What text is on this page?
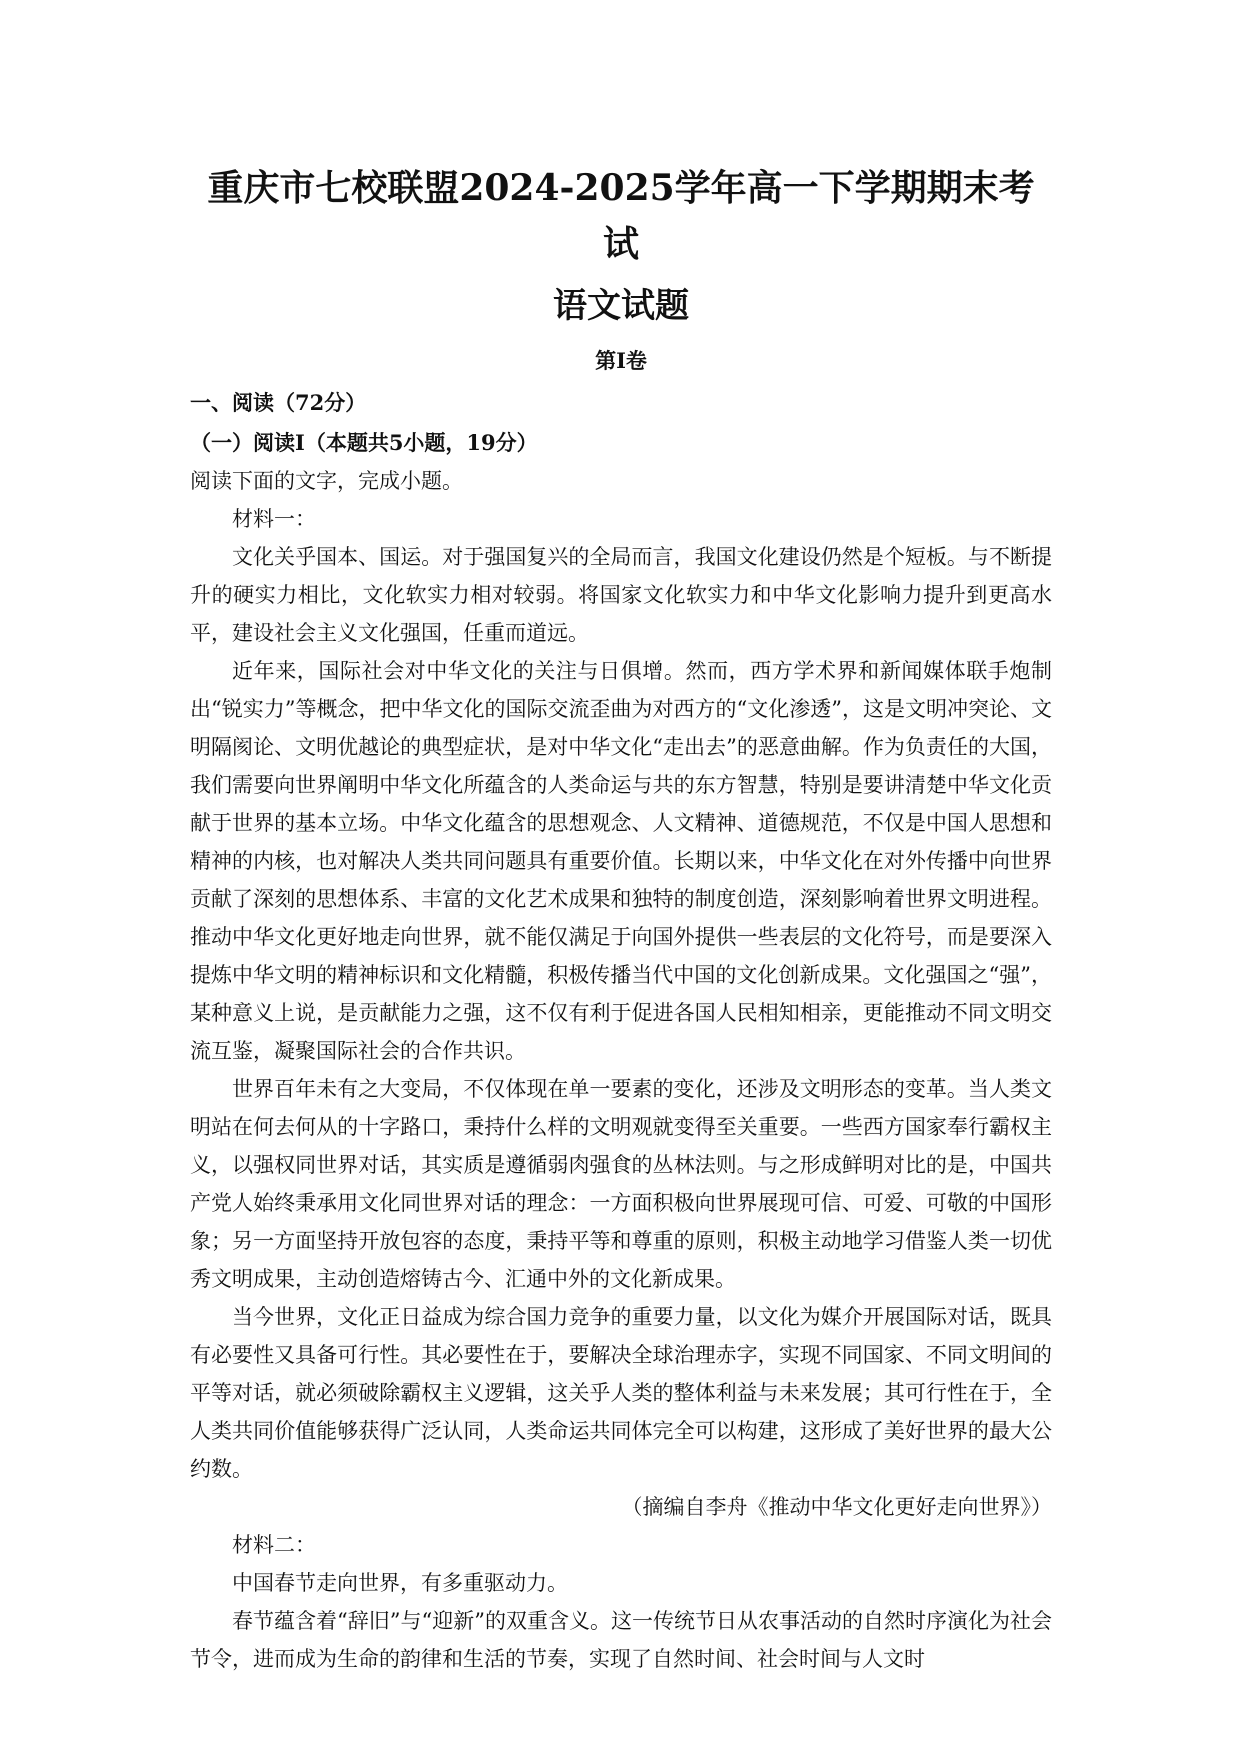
重庆市七校联盟2024-2025学年高一下学期期末考试
语文试题
第I卷
一、阅读（72分）
（一）阅读I（本题共5小题，19分）

阅读下面的文字，完成小题。

材料一：

文化关乎国本、国运。对于强国复兴的全局而言，我国文化建设仍然是个短板。与不断提升的硬实力相比，文化软实力相对较弱。将国家文化软实力和中华文化影响力提升到更高水平，建设社会主义文化强国，任重而道远。

近年来，国际社会对中华文化的关注与日俱增。然而，西方学术界和新闻媒体联手炮制出“锐实力”等概念，把中华文化的国际交流歪曲为对西方的“文化渗透”，这是文明冲突论、文明隔阂论、文明优越论的典型症状，是对中华文化“走出去”的恶意曲解。作为负责任的大国，我们需要向世界阐明中华文化所蕴含的人类命运与共的东方智慧，特别是要讲清楚中华文化贡献于世界的基本立场。中华文化蕴含的思想观念、人文精神、道德规范，不仅是中国人思想和精神的内核，也对解决人类共同问题具有重要价值。长期以来，中华文化在对外传播中向世界贡献了深刻的思想体系、丰富的文化艺术成果和独特的制度创造，深刻影响着世界文明进程。推动中华文化更好地走向世界，就不能仅满足于向国外提供一些表层的文化符号，而是要深入提炼中华文明的精神标识和文化精髓，积极传播当代中国的文化创新成果。文化强国之“强”，某种意义上说，是贡献能力之强，这不仅有利于促进各国人民相知相亲，更能推动不同文明交流互鉴，凝聚国际社会的合作共识。

世界百年未有之大变局，不仅体现在单一要素的变化，还涉及文明形态的变革。当人类文明站在何去何从的十字路口，秉持什么样的文明观就变得至关重要。一些西方国家奉行霸权主义，以强权同世界对话，其实质是遵循弱肉强食的丛林法则。与之形成鲜明对比的是，中国共产党人始终秉承用文化同世界对话的理念：一方面积极向世界展现可信、可爱、可敬的中国形象；另一方面坚持开放包容的态度，秉持平等和尊重的原则，积极主动地学习借鉴人类一切优秀文明成果，主动创造熔铸古今、汇通中外的文化新成果。

当今世界，文化正日益成为综合国力竞争的重要力量，以文化为媒介开展国际对话，既具有必要性又具备可行性。其必要性在于，要解决全球治理赤字，实现不同国家、不同文明间的平等对话，就必须破除霸权主义逻辑，这关乎人类的整体利益与未来发展；其可行性在于，全人类共同价值能够获得广泛认同，人类命运共同体完全可以构建，这形成了美好世界的最大公约数。

（摘编自李舟《推动中华文化更好走向世界》）

材料二：

中国春节走向世界，有多重驱动力。

春节蕴含着“辞旧”与“迎新”的双重含义。这一传统节日从农事活动的自然时序演化为社会节令，进而成为生命的韵律和生活的节奏，实现了自然时间、社会时间与人文时
